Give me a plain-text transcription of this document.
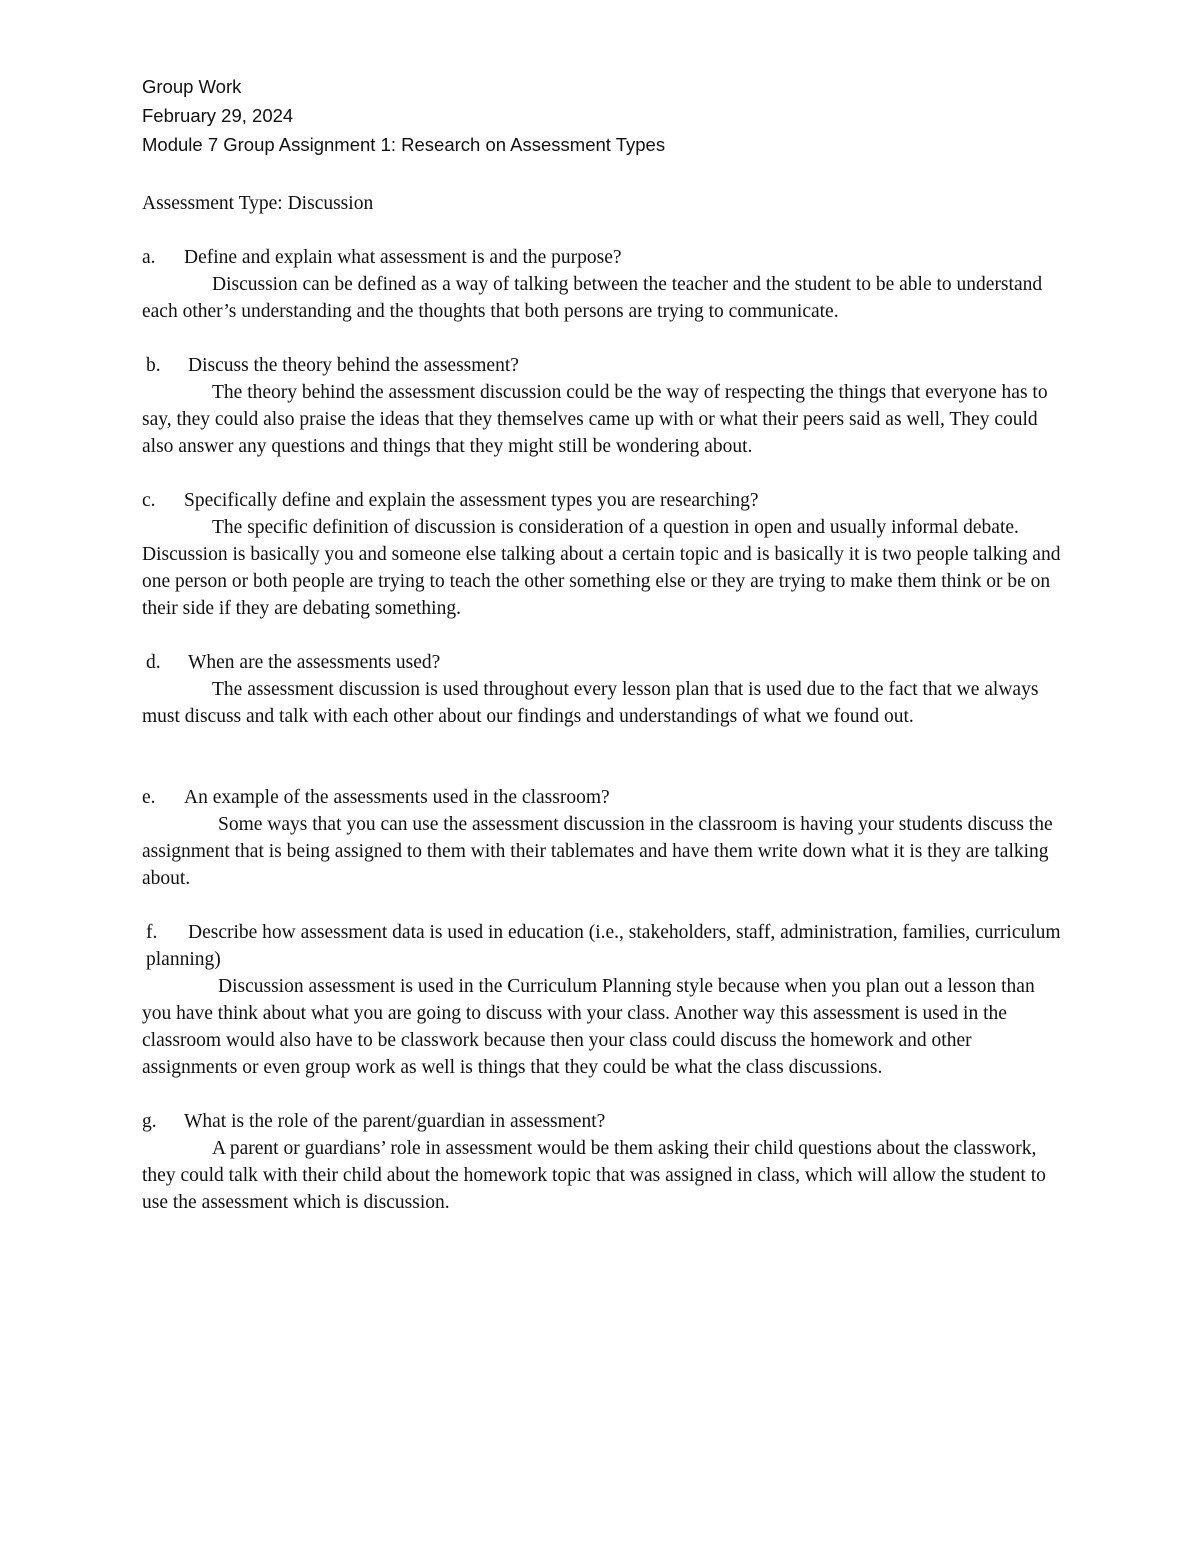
Group Work
February 29, 2024
Module 7 Group Assignment 1: Research on Assessment Types

Assessment Type: Discussion

a. Define and explain what assessment is and the purpose?

Discussion can be defined as a way of talking between the teacher and the student to be able to understand each other’s understanding and the thoughts that both persons are trying to communicate.

b. Discuss the theory behind the assessment?

The theory behind the assessment discussion could be the way of respecting the things that everyone has to say, they could also praise the ideas that they themselves came up with or what their peers said as well, They could also answer any questions and things that they might still be wondering about.

c. Specifically define and explain the assessment types you are researching?

The specific definition of discussion is consideration of a question in open and usually informal debate. Discussion is basically you and someone else talking about a certain topic and is basically it is two people talking and one person or both people are trying to teach the other something else or they are trying to make them think or be on their side if they are debating something.

d. When are the assessments used?

The assessment discussion is used throughout every lesson plan that is used due to the fact that we always must discuss and talk with each other about our findings and understandings of what we found out.

e. An example of the assessments used in the classroom?

Some ways that you can use the assessment discussion in the classroom is having your students discuss the assignment that is being assigned to them with their tablemates and have them write down what it is they are talking about.

f. Describe how assessment data is used in education (i.e., stakeholders, staff, administration, families, curriculum planning)

Discussion assessment is used in the Curriculum Planning style because when you plan out a lesson than you have think about what you are going to discuss with your class. Another way this assessment is used in the classroom would also have to be classwork because then your class could discuss the homework and other assignments or even group work as well is things that they could be what the class discussions.

g. What is the role of the parent/guardian in assessment?

A parent or guardians’ role in assessment would be them asking their child questions about the classwork, they could talk with their child about the homework topic that was assigned in class, which will allow the student to use the assessment which is discussion.
